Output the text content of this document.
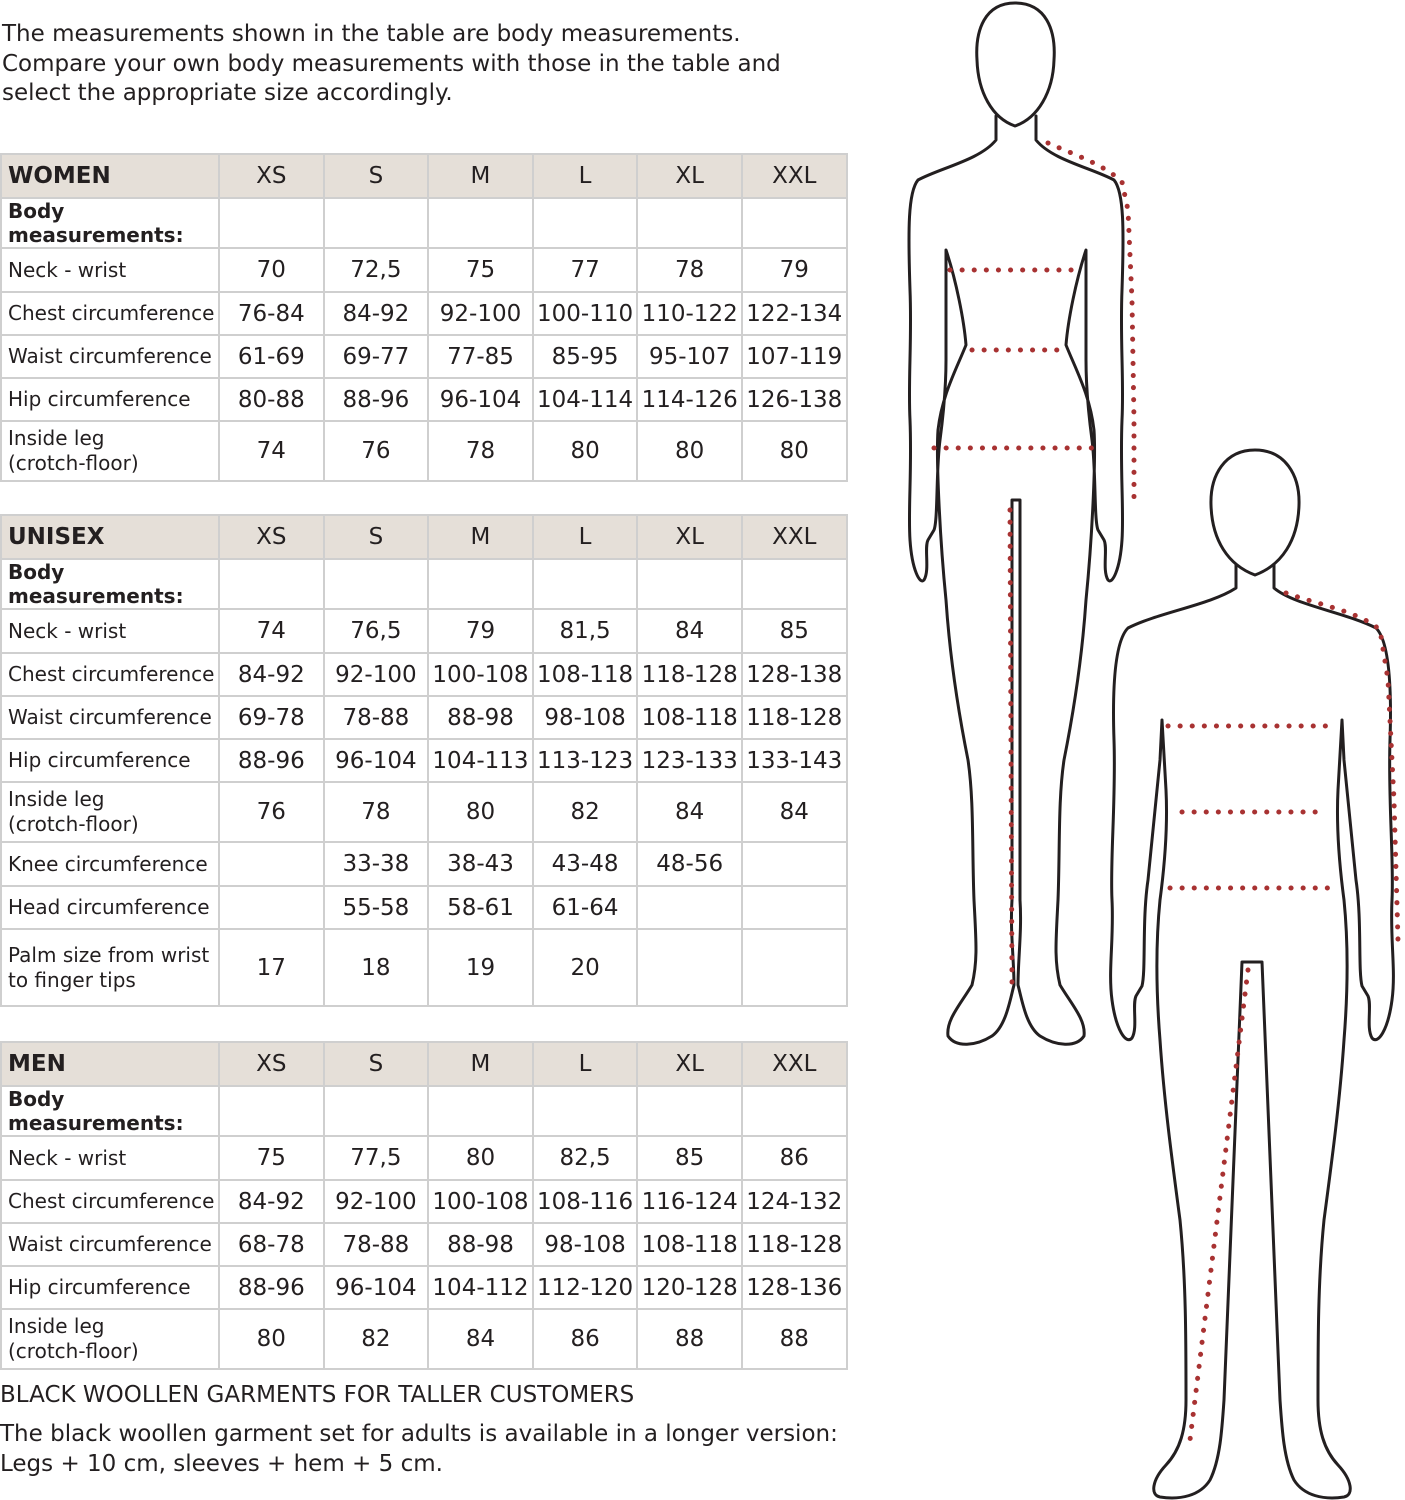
The measurements shown in the table are body measurements. Compare your own body measurements with those in the table and select the appropriate size accordingly.

WOMEN	XS	S	M	L	XL	XXL
Body measurements:						
Neck - wrist	70	72,5	75	77	78	79
Chest circumference	76-84	84-92	92-100	100-110	110-122	122-134
Waist circumference	61-69	69-77	77-85	85-95	95-107	107-119
Hip circumference	80-88	88-96	96-104	104-114	114-126	126-138
Inside leg
(crotch-floor)	74	76	78	80	80	80
UNISEX	XS	S	M	L	XL	XXL
Body measurements:						
Neck - wrist	74	76,5	79	81,5	84	85
Chest circumference	84-92	92-100	100-108	108-118	118-128	128-138
Waist circumference	69-78	78-88	88-98	98-108	108-118	118-128
Hip circumference	88-96	96-104	104-113	113-123	123-133	133-143
Inside leg
(crotch-floor)	76	78	80	82	84	84
Knee circumference		33-38	38-43	43-48	48-56	
Head circumference		55-58	58-61	61-64		
Palm size from wrist
to finger tips	17	18	19	20		
MEN	XS	S	M	L	XL	XXL
Body measurements:						
Neck - wrist	75	77,5	80	82,5	85	86
Chest circumference	84-92	92-100	100-108	108-116	116-124	124-132
Waist circumference	68-78	78-88	88-98	98-108	108-118	118-128
Hip circumference	88-96	96-104	104-112	112-120	120-128	128-136
Inside leg
(crotch-floor)	80	82	84	86	88	88

BLACK WOOLLEN GARMENTS FOR TALLER CUSTOMERS

The black woollen garment set for adults is available in a longer version: Legs + 10 cm, sleeves + hem + 5 cm.
